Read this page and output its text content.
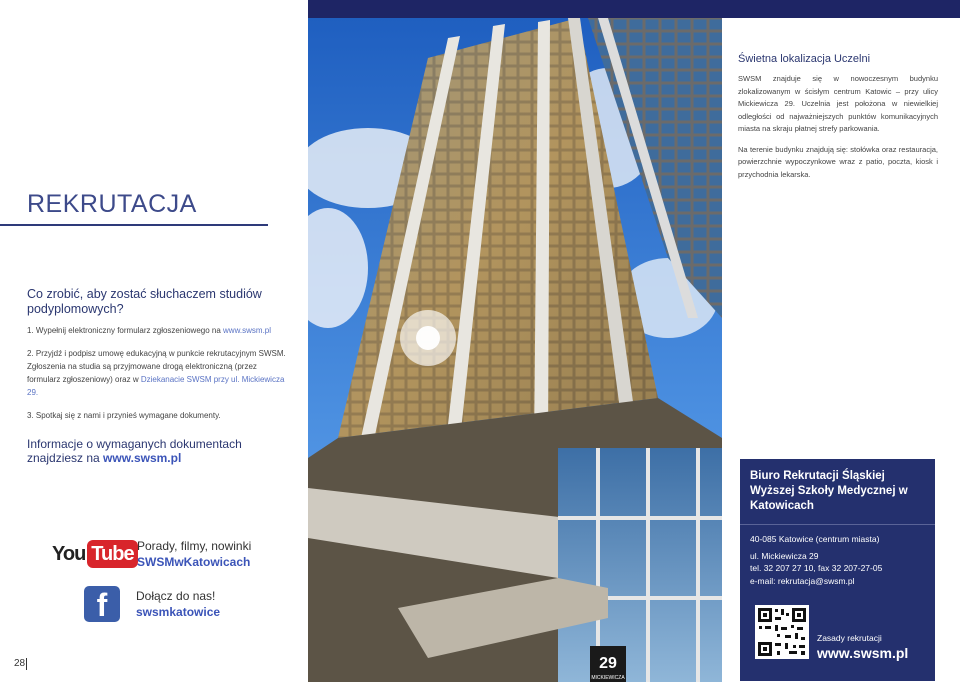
REKRUTACJA
Co zrobić, aby zostać słuchaczem studiów podyplomowych?

1. Wypełnij elektroniczny formularz zgłoszeniowego na www.swsm.pl

2. Przyjdź i podpisz umowę edukacyjną w punkcie rekrutacyjnym SWSM. Zgłoszenia na studia są przyjmowane drogą elektroniczną (przez formularz zgłoszeniowy) oraz w Dziekanacie SWSM przy ul. Mickiewicza 29.

3. Spotkaj się z nami i przynieś wymagane dokumenty.

Informacje o wymaganych dokumentach znajdziesz na www.swsm.pl
You Tube Porady, filmy, nowinki
SWSMwKatowicach
f	Dołącz do nas!
swsmkatowice
28	29
MICKIEWICZA
Świetna lokalizacja Uczelni

SWSM znajduje się w nowoczesnym budynku zlokalizowanym w ścisłym centrum Katowic – przy ulicy Mickiewicza 29. Uczelnia jest położona w niewielkiej odległości od najważniejszych punktów komunikacyjnych miasta na skraju płatnej strefy parkowania.

Na terenie budynku znajdują się: stołówka oraz restauracja, powierzchnie wypoczynkowe wraz z patio, poczta, kiosk i przychodnia lekarska.

Biuro Rekrutacji Śląskiej Wyższej Szkoły Medycznej w Katowicach
40-085 Katowice (centrum miasta)
ul. Mickiewicza 29
tel. 32 207 27 10, fax 32 207-27-05
e-mail: rekrutacja@swsm.pl
Zasady rekrutacji
www.swsm.pl
